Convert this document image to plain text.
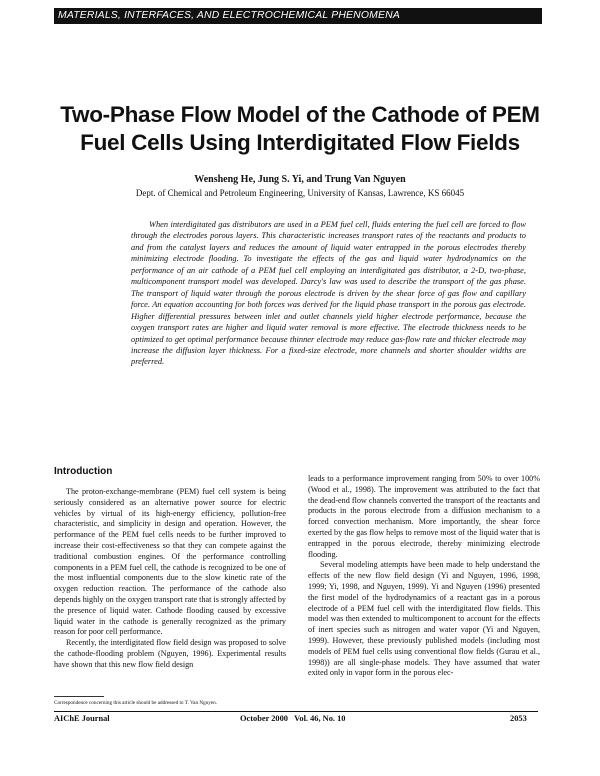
MATERIALS, INTERFACES, AND ELECTROCHEMICAL PHENOMENA
Two-Phase Flow Model of the Cathode of PEM Fuel Cells Using Interdigitated Flow Fields
Wensheng He, Jung S. Yi, and Trung Van Nguyen
Dept. of Chemical and Petroleum Engineering, University of Kansas, Lawrence, KS 66045

When interdigitated gas distributors are used in a PEM fuel cell, fluids entering the fuel cell are forced to flow through the electrodes porous layers. This characteristic increases transport rates of the reactants and products to and from the catalyst layers and reduces the amount of liquid water entrapped in the porous electrodes thereby minimizing electrode flooding. To investigate the effects of the gas and liquid water hydrodynamics on the performance of an air cathode of a PEM fuel cell employing an interdigitated gas distributor, a 2-D, two-phase, multicomponent transport model was developed. Darcy's law was used to describe the transport of the gas phase. The transport of liquid water through the porous electrode is driven by the shear force of gas flow and capillary force. An equation accounting for both forces was derived for the liquid phase transport in the porous gas electrode. Higher differential pressures between inlet and outlet channels yield higher electrode performance, because the oxygen transport rates are higher and liquid water removal is more effective. The electrode thickness needs to be optimized to get optimal performance because thinner electrode may reduce gas-flow rate and thicker electrode may increase the diffusion layer thickness. For a fixed-size electrode, more channels and shorter shoulder widths are preferred.

Introduction

The proton-exchange-membrane (PEM) fuel cell system is being seriously considered as an alternative power source for electric vehicles by virtual of its high-energy efficiency, pollution-free characteristic, and simplicity in design and operation. However, the performance of the PEM fuel cells needs to be further improved to increase their cost-effectiveness so that they can compete against the traditional combustion engines. Of the performance controlling components in a PEM fuel cell, the cathode is recognized to be one of the most influential components due to the slow kinetic rate of the oxygen reduction reaction. The performance of the cathode also depends highly on the oxygen transport rate that is strongly affected by the presence of liquid water. Cathode flooding caused by excessive liquid water in the cathode is generally recognized as the primary reason for poor cell performance.

Recently, the interdigitated flow field design was proposed to solve the cathode-flooding problem (Nguyen, 1996). Experimental results have shown that this new flow field design

leads to a performance improvement ranging from 50% to over 100% (Wood et al., 1998). The improvement was attributed to the fact that the dead-end flow channels converted the transport of the reactants and products in the porous electrode from a diffusion mechanism to a forced convection mechanism. More importantly, the shear force exerted by the gas flow helps to remove most of the liquid water that is entrapped in the porous electrode, thereby minimizing electrode flooding.

Several modeling attempts have been made to help understand the effects of the new flow field design (Yi and Nguyen, 1996, 1998, 1999; Yi, 1998, and Nguyen, 1999). Yi and Nguyen (1996) presented the first model of the hydrodynamics of a reactant gas in a porous electrode of a PEM fuel cell with the interdigitated flow fields. This model was then extended to multicomponent to account for the effects of inert species such as nitrogen and water vapor (Yi and Nguyen, 1999). However, these previously published models (including most models of PEM fuel cells using conventional flow fields (Gurau et al., 1998)) are all single-phase models. They have assumed that water exited only in vapor form in the porous elec-

Correspondence concerning this article should be addressed to T. Van Nguyen.
AIChE Journal	October 2000   Vol. 46, No. 10	2053
